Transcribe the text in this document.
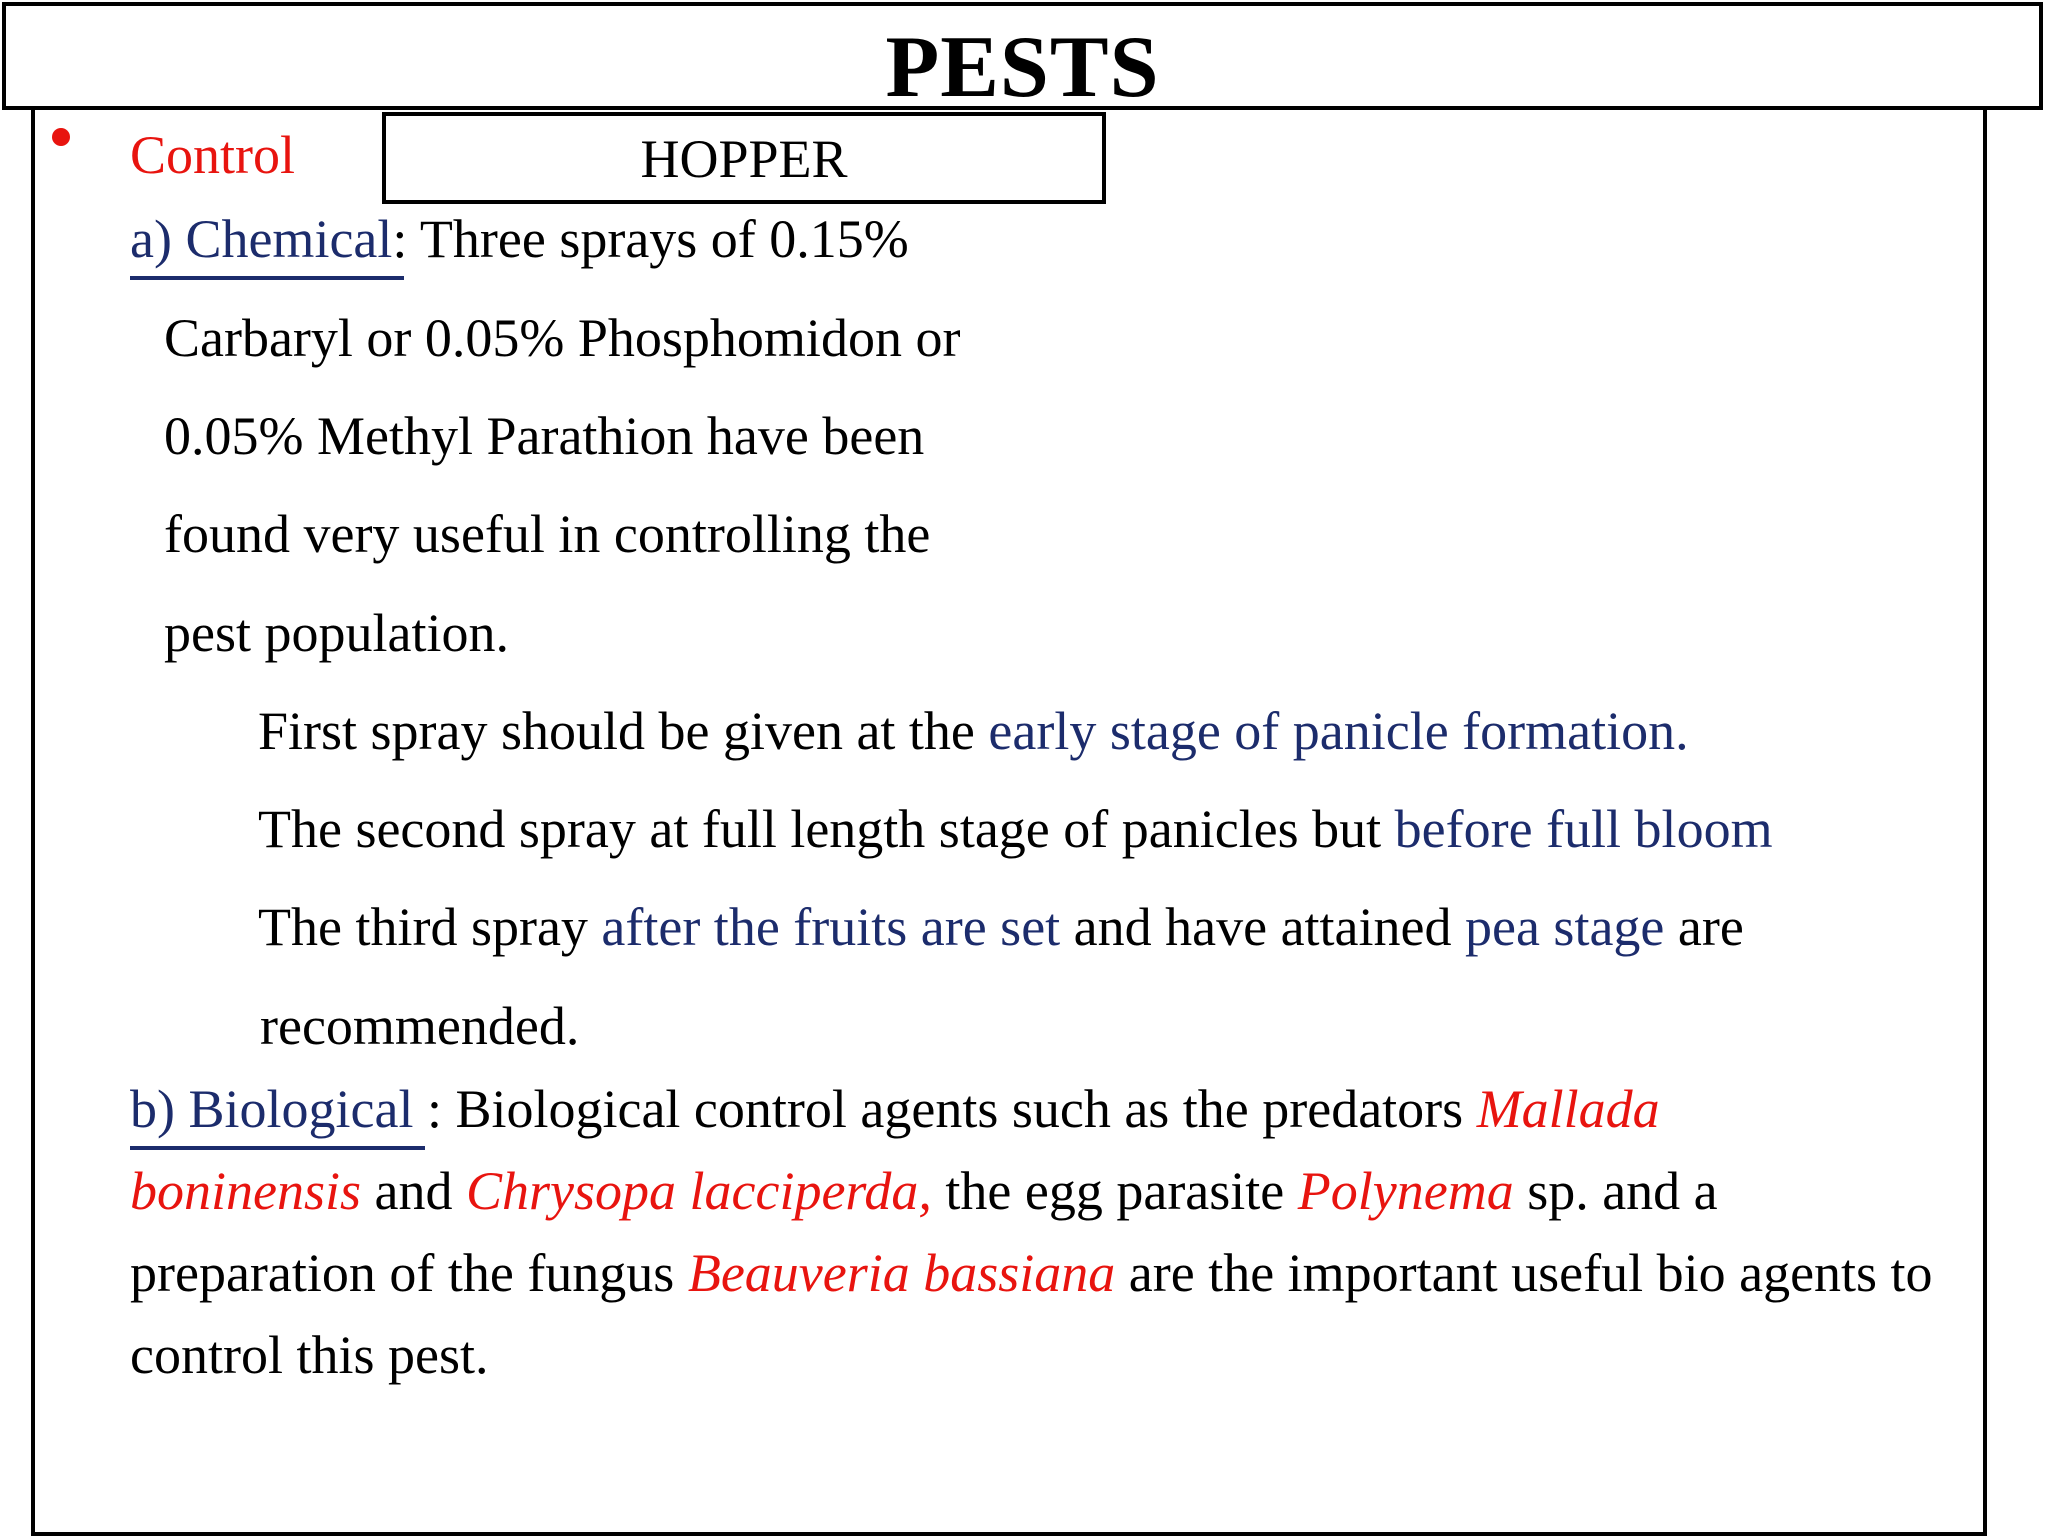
PESTS
HOPPER
Control
a) Chemical: Three sprays of 0.15%
Carbaryl or 0.05% Phosphomidon or
0.05% Methyl Parathion have been
found very useful in controlling the
pest population.
First spray should be given at the early stage of panicle formation.
The second spray at full length stage of panicles but before full bloom
The third spray after the fruits are set and have attained pea stage are
recommended.
b) Biological : Biological control agents such as the predators Mallada
boninensis and Chrysopa lacciperda, the egg parasite Polynema sp. and a
preparation of the fungus Beauveria bassiana are the important useful bio agents to
control this pest.
